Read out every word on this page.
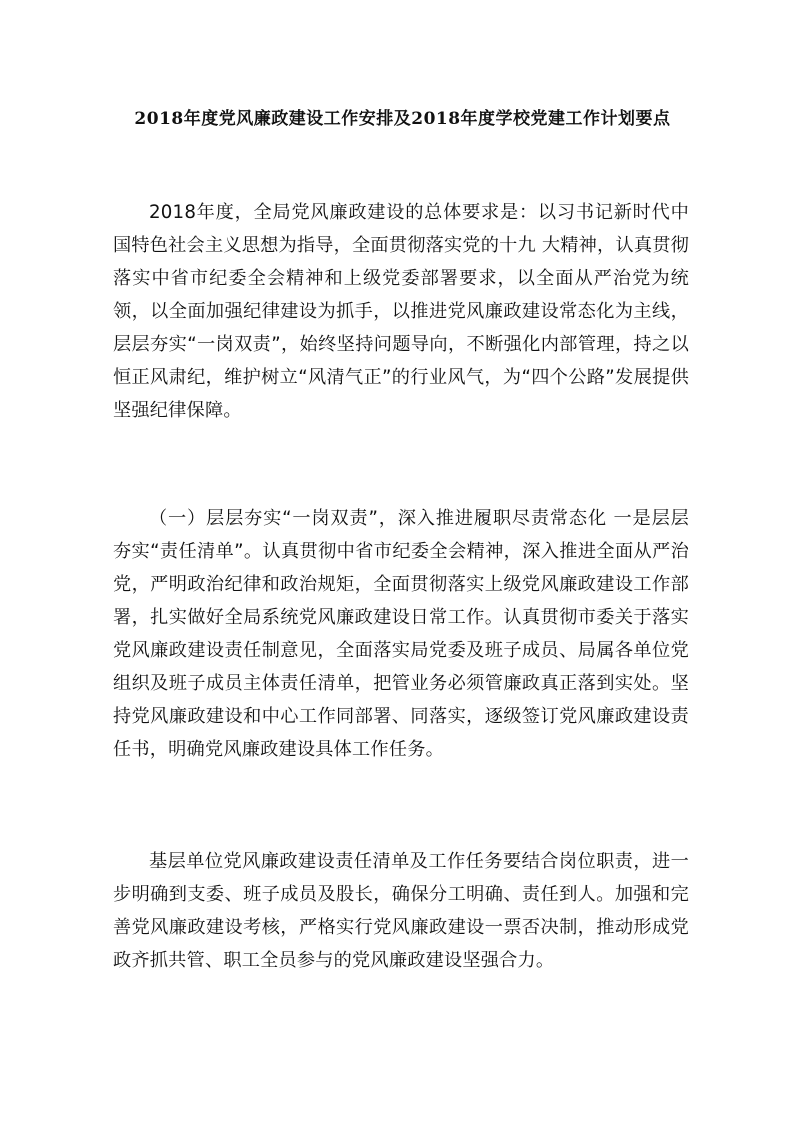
2018年度党风廉政建设工作安排及2018年度学校党建工作计划要点

2018年度，全局党风廉政建设的总体要求是：以习书记新时代中国特色社会主义思想为指导，全面贯彻落实党的十九 大精神，认真贯彻落实中省市纪委全会精神和上级党委部署要求，以全面从严治党为统领，以全面加强纪律建设为抓手，以推进党风廉政建设常态化为主线，层层夯实“一岗双责”，始终坚持问题导向，不断强化内部管理，持之以恒正风肃纪，维护树立“风清气正”的行业风气，为“四个公路”发展提供坚强纪律保障。

（一）层层夯实“一岗双责”，深入推进履职尽责常态化 一是层层夯实“责任清单”。认真贯彻中省市纪委全会精神，深入推进全面从严治党，严明政治纪律和政治规矩，全面贯彻落实上级党风廉政建设工作部署，扎实做好全局系统党风廉政建设日常工作。认真贯彻市委关于落实党风廉政建设责任制意见，全面落实局党委及班子成员、局属各单位党组织及班子成员主体责任清单，把管业务必须管廉政真正落到实处。坚持党风廉政建设和中心工作同部署、同落实，逐级签订党风廉政建设责任书，明确党风廉政建设具体工作任务。

基层单位党风廉政建设责任清单及工作任务要结合岗位职责，进一步明确到支委、班子成员及股长，确保分工明确、责任到人。加强和完善党风廉政建设考核，严格实行党风廉政建设一票否决制，推动形成党政齐抓共管、职工全员参与的党风廉政建设坚强合力。
